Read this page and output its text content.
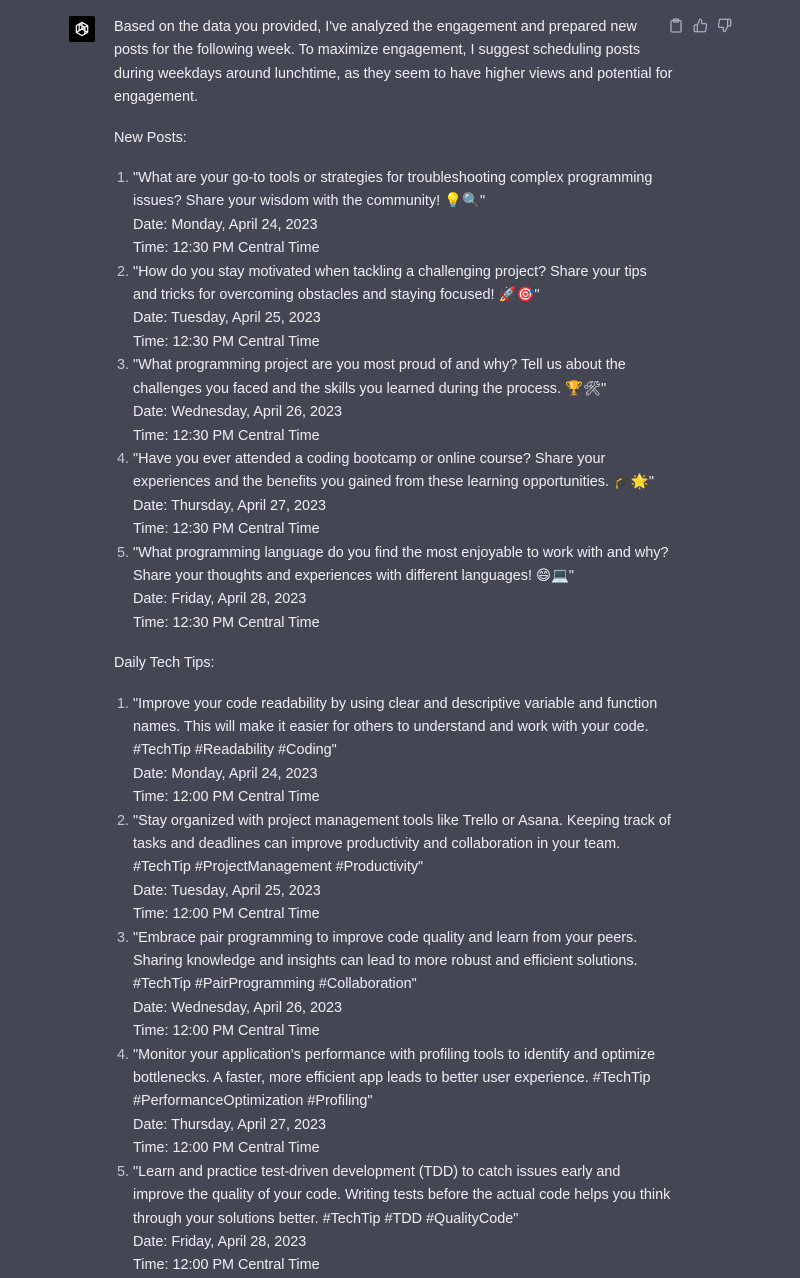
Based on the data you provided, I've analyzed the engagement and prepared new posts for the following week. To maximize engagement, I suggest scheduling posts during weekdays around lunchtime, as they seem to have higher views and potential for engagement.

New Posts:

1. "What are your go-to tools or strategies for troubleshooting complex programming issues? Share your wisdom with the community! 💡🔍"
Date: Monday, April 24, 2023
Time: 12:30 PM Central Time
2. "How do you stay motivated when tackling a challenging project? Share your tips and tricks for overcoming obstacles and staying focused! 🚀🎯"
Date: Tuesday, April 25, 2023
Time: 12:30 PM Central Time
3. "What programming project are you most proud of and why? Tell us about the challenges you faced and the skills you learned during the process. 🏆🛠"
Date: Wednesday, April 26, 2023
Time: 12:30 PM Central Time
4. "Have you ever attended a coding bootcamp or online course? Share your experiences and the benefits you gained from these learning opportunities. 🎓🌟"
Date: Thursday, April 27, 2023
Time: 12:30 PM Central Time
5. "What programming language do you find the most enjoyable to work with and why? Share your thoughts and experiences with different languages! 😄💻"
Date: Friday, April 28, 2023
Time: 12:30 PM Central Time

Daily Tech Tips:

1. "Improve your code readability by using clear and descriptive variable and function names. This will make it easier for others to understand and work with your code. #TechTip #Readability #Coding"
Date: Monday, April 24, 2023
Time: 12:00 PM Central Time
2. "Stay organized with project management tools like Trello or Asana. Keeping track of tasks and deadlines can improve productivity and collaboration in your team. #TechTip #ProjectManagement #Productivity"
Date: Tuesday, April 25, 2023
Time: 12:00 PM Central Time
3. "Embrace pair programming to improve code quality and learn from your peers. Sharing knowledge and insights can lead to more robust and efficient solutions. #TechTip #PairProgramming #Collaboration"
Date: Wednesday, April 26, 2023
Time: 12:00 PM Central Time
4. "Monitor your application's performance with profiling tools to identify and optimize bottlenecks. A faster, more efficient app leads to better user experience. #TechTip #PerformanceOptimization #Profiling"
Date: Thursday, April 27, 2023
Time: 12:00 PM Central Time
5. "Learn and practice test-driven development (TDD) to catch issues early and improve the quality of your code. Writing tests before the actual code helps you think through your solutions better. #TechTip #TDD #QualityCode"
Date: Friday, April 28, 2023
Time: 12:00 PM Central Time
